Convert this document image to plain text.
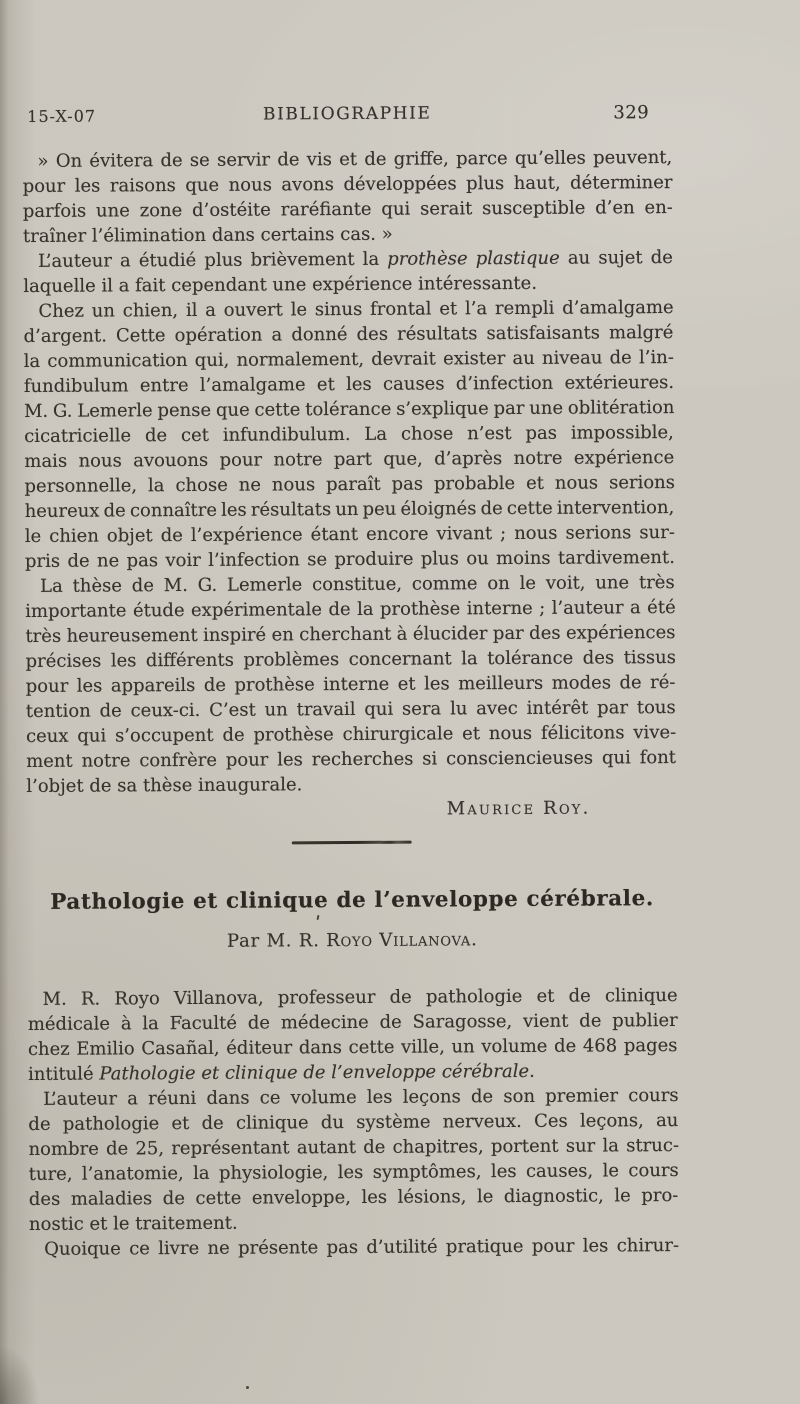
15-X-07	BIBLIOGRAPHIE	329
» On évitera de se servir de vis et de griffe, parce qu’elles peuvent,
pour les raisons que nous avons développées plus haut, déterminer
parfois une zone d’ostéite raréfiante qui serait susceptible d’en en-
traîner l’élimination dans certains cas. »
L’auteur a étudié plus brièvement la prothèse plastique au sujet de
laquelle il a fait cependant une expérience intéressante.
Chez un chien, il a ouvert le sinus frontal et l’a rempli d’amalgame
d’argent. Cette opération a donné des résultats satisfaisants malgré
la communication qui, normalement, devrait exister au niveau de l’in-
fundibulum entre l’amalgame et les causes d’infection extérieures.
M. G. Lemerle pense que cette tolérance s’explique par une oblitération
cicatricielle de cet infundibulum. La chose n’est pas impossible,
mais nous avouons pour notre part que, d’après notre expérience
personnelle, la chose ne nous paraît pas probable et nous serions
heureux de connaître les résultats un peu éloignés de cette intervention,
le chien objet de l’expérience étant encore vivant ; nous serions sur-
pris de ne pas voir l’infection se produire plus ou moins tardivement.
La thèse de M. G. Lemerle constitue, comme on le voit, une très
importante étude expérimentale de la prothèse interne ; l’auteur a été
très heureusement inspiré en cherchant à élucider par des expériences
précises les différents problèmes concernant la tolérance des tissus
pour les appareils de prothèse interne et les meilleurs modes de ré-
tention de ceux-ci. C’est un travail qui sera lu avec intérêt par tous
ceux qui s’occupent de prothèse chirurgicale et nous félicitons vive-
ment notre confrère pour les recherches si consciencieuses qui font
l’objet de sa thèse inaugurale.
Maurice Roy.
Pathologie et clinique de l’enveloppe cérébrale.
Par M. R. Royo Villanova.
M. R. Royo Villanova, professeur de pathologie et de clinique
médicale à la Faculté de médecine de Saragosse, vient de publier
chez Emilio Casañal, éditeur dans cette ville, un volume de 468 pages
intitulé Pathologie et clinique de l’enveloppe cérébrale.
L’auteur a réuni dans ce volume les leçons de son premier cours
de pathologie et de clinique du système nerveux. Ces leçons, au
nombre de 25, représentant autant de chapitres, portent sur la struc-
ture, l’anatomie, la physiologie, les symptômes, les causes, le cours
des maladies de cette enveloppe, les lésions, le diagnostic, le pro-
nostic et le traitement.
Quoique ce livre ne présente pas d’utilité pratique pour les chirur-
